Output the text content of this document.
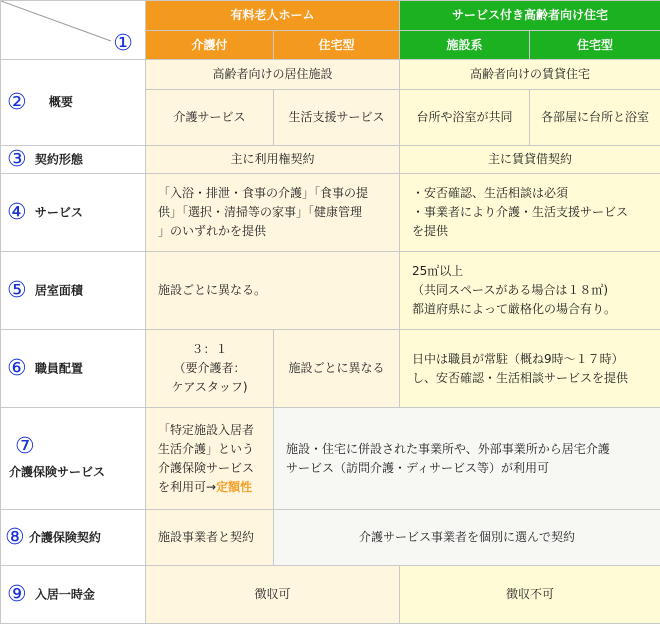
①	有料老人ホーム		サービス付き高齢者向け住宅	
	介護付	住宅型	施設系	住宅型
② 概要	高齢者向けの居住施設		高齢者向けの賃貸住宅	
	介護サービス	生活支援サービス	台所や浴室が共同	各部屋に台所と浴室
③ 契約形態	主に利用権契約		主に賃貸借契約	
④ サービス	「入浴・排泄・食事の介護」「食事の提
供」「選択・清掃等の家事」「健康管理
」のいずれかを提供		・安否確認、生活相談は必須
・事業者により介護・生活支援サービス
を提供	

⑤ 居室面積	施設ごとに異なる。		25㎡以上
（共同スペースがある場合は１８㎡)
都道府県によって厳格化の場合有り。	

⑥ 職員配置	３：１
（要介護者：
ケアスタッフ)	施設ごとに異なる	日中は職員が常駐（概ね9時～１７時）
し、安否確認・生活相談サービスを提供	

⑦
介護保険サービス	「特定施設入居者
生活介護」という
介護保険サービス
を利用可→定額性	施設・住宅に併設された事業所や、外部事業所から居宅介護
サービス（訪問介護・ディサービス等）が利用可		

⑧ 介護保険契約	施設事業者と契約	介護サービス事業者を個別に選んで契約		
⑨ 入居一時金	徴収可		徴収不可	
